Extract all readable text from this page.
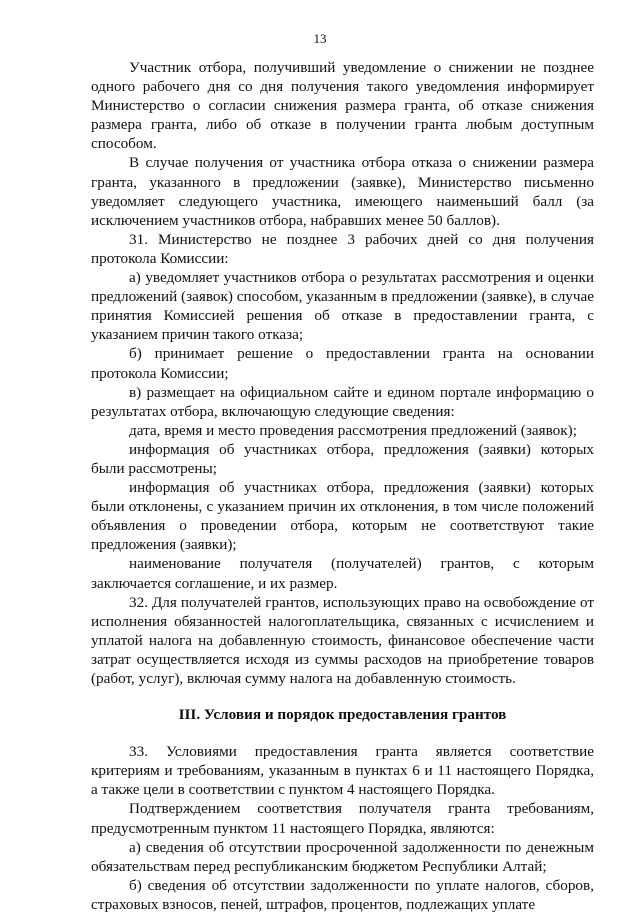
13

Участник отбора, получивший уведомление о снижении не позднее одного рабочего дня со дня получения такого уведомления информирует Министерство о согласии снижения размера гранта, об отказе снижения размера гранта, либо об отказе в получении гранта любым доступным способом.

В случае получения от участника отбора отказа о снижении размера гранта, указанного в предложении (заявке), Министерство письменно уведомляет следующего участника, имеющего наименьший балл (за исключением участников отбора, набравших менее 50 баллов).

31. Министерство не позднее 3 рабочих дней со дня получения протокола Комиссии:

а) уведомляет участников отбора о результатах рассмотрения и оценки предложений (заявок) способом, указанным в предложении (заявке), в случае принятия Комиссией решения об отказе в предоставлении гранта, с указанием причин такого отказа;

б) принимает решение о предоставлении гранта на основании протокола Комиссии;

в) размещает на официальном сайте и едином портале информацию о результатах отбора, включающую следующие сведения:

дата, время и место проведения рассмотрения предложений (заявок);

информация об участниках отбора, предложения (заявки) которых были рассмотрены;

информация об участниках отбора, предложения (заявки) которых были отклонены, с указанием причин их отклонения, в том числе положений объявления о проведении отбора, которым не соответствуют такие предложения (заявки);

наименование получателя (получателей) грантов, с которым заключается соглашение, и их размер.

32. Для получателей грантов, использующих право на освобождение от исполнения обязанностей налогоплательщика, связанных с исчислением и уплатой налога на добавленную стоимость, финансовое обеспечение части затрат осуществляется исходя из суммы расходов на приобретение товаров (работ, услуг), включая сумму налога на добавленную стоимость.

III. Условия и порядок предоставления грантов

33. Условиями предоставления гранта является соответствие критериям и требованиям, указанным в пунктах 6 и 11 настоящего Порядка, а также цели в соответствии с пунктом 4 настоящего Порядка.

Подтверждением соответствия получателя гранта требованиям, предусмотренным пунктом 11 настоящего Порядка, являются:

а) сведения об отсутствии просроченной задолженности по денежным обязательствам перед республиканским бюджетом Республики Алтай;

б) сведения об отсутствии задолженности по уплате налогов, сборов, страховых взносов, пеней, штрафов, процентов, подлежащих уплате
